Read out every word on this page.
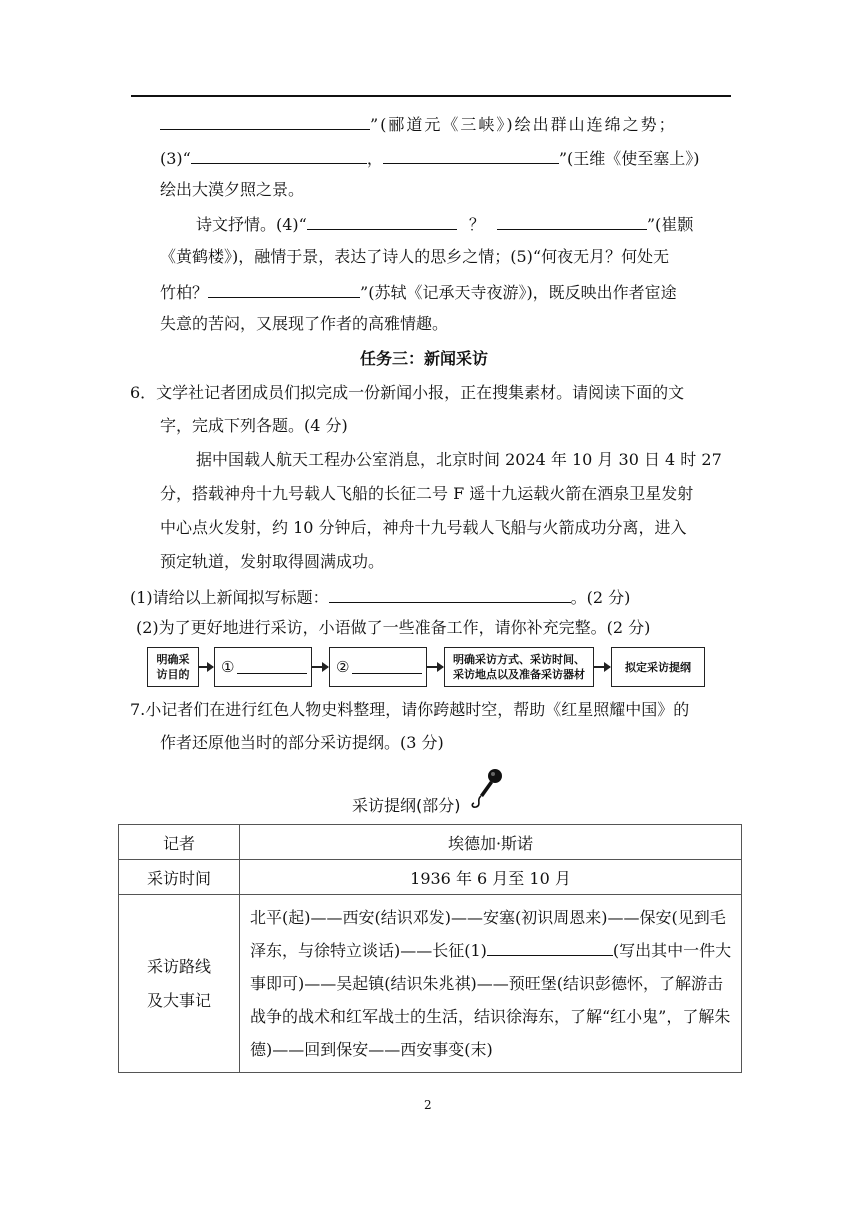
”(郦道元《三峡》)绘出群山连绵之势；
(3)“	，	”(王维《使至塞上》)
绘出大漠夕照之景。
诗文抒情。(4)“	？	”(崔颢
《黄鹤楼》)，融情于景，表达了诗人的思乡之情；(5)“何夜无月？何处无
竹柏？	”(苏轼《记承天寺夜游》)，既反映出作者宦途
失意的苦闷，又展现了作者的高雅情趣。
任务三：新闻采访
6．文学社记者团成员们拟完成一份新闻小报，正在搜集素材。请阅读下面的文
字，完成下列各题。(4 分)
据中国载人航天工程办公室消息，北京时间 2024 年 10 月 30 日 4 时 27
分，搭载神舟十九号载人飞船的长征二号 F 遥十九运载火箭在酒泉卫星发射
中心点火发射，约 10 分钟后，神舟十九号载人飞船与火箭成功分离，进入
预定轨道，发射取得圆满成功。
(1)请给以上新闻拟写标题：	。(2 分)
(2)为了更好地进行采访，小语做了一些准备工作，请你补充完整。(2 分)
明确采访目的 ①	②	明确采访方式、采访时间、采访地点以及准备采访器材
拟定采访提纲
7.小记者们在进行红色人物史料整理，请你跨越时空，帮助《红星照耀中国》的
作者还原他当时的部分采访提纲。(3 分)
采访提纲(部分)
记者	埃德加·斯诺
采访时间	1936 年 6 月至 10 月
采访路线
及大事记	北平(起)——西安(结识邓发)——安塞(初识周恩来)——保安(见到毛泽东，与徐特立谈话)——长征(1) (写出其中一件大事即可)——吴起镇(结识朱兆祺)——预旺堡(结识彭德怀，了解游击战争的战术和红军战士的生活，结识徐海东，了解“红小鬼”，了解朱德)——回到保安——西安事变(末)
2
